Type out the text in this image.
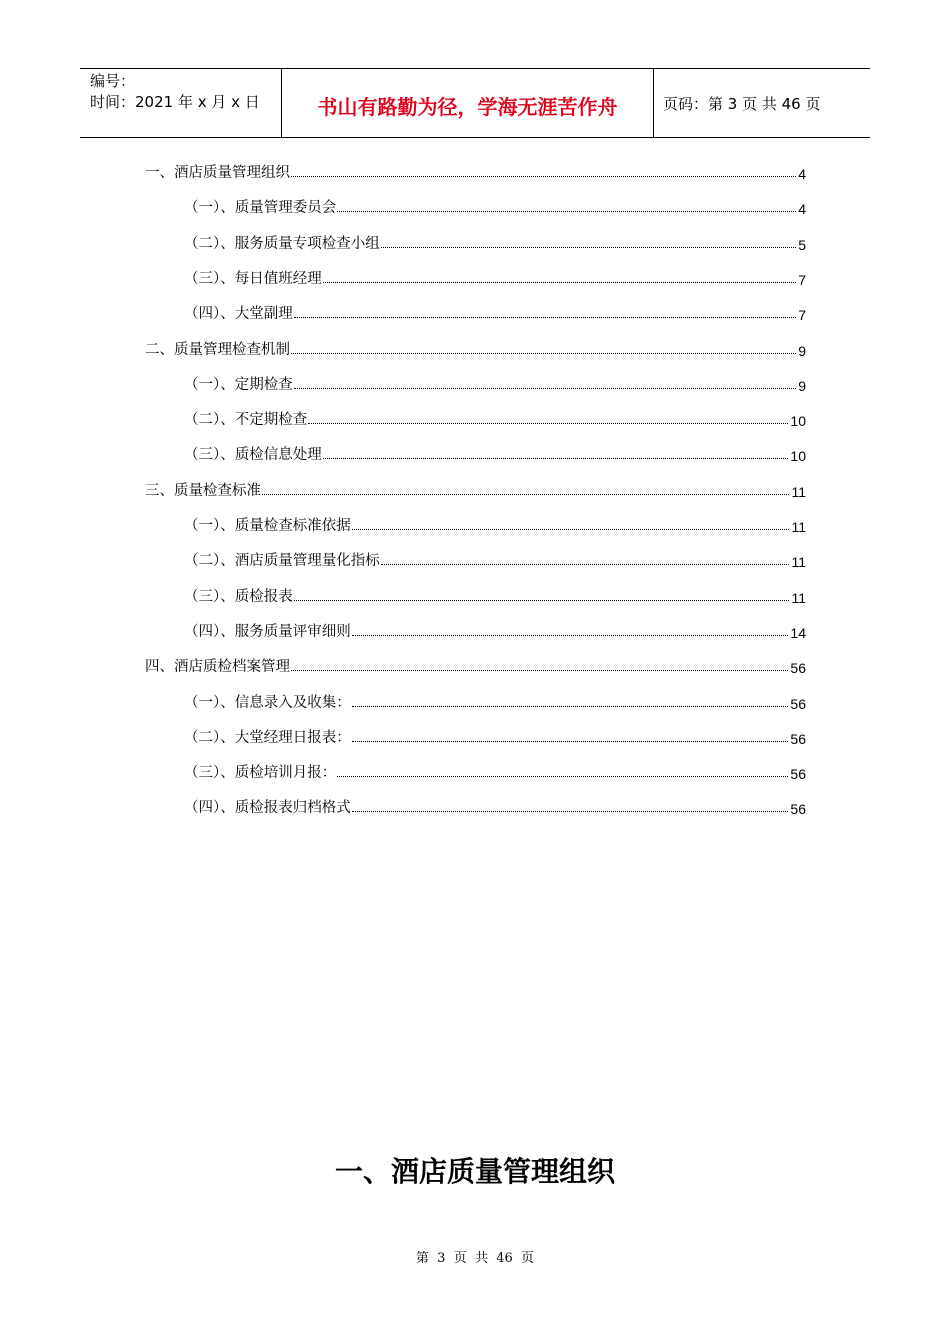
编号：
时间：2021 年 x 月 x 日	书山有路勤为径，学海无涯苦作舟	页码：第 3 页 共 46 页
一、酒店质量管理组织	4
（一）、质量管理委员会	4
（二）、服务质量专项检查小组	5
（三）、每日值班经理	7
（四）、大堂副理	7
二、质量管理检查机制	9
（一）、定期检查	9
（二）、不定期检查	10
（三）、质检信息处理	10
三、质量检查标准	11
（一）、质量检查标准依据	11
（二）、酒店质量管理量化指标	11
（三）、质检报表	11
（四）、服务质量评审细则	14
四、酒店质检档案管理	56
（一）、信息录入及收集：	56
（二）、大堂经理日报表：	56
（三）、质检培训月报：	56
（四）、质检报表归档格式	56
一、酒店质量管理组织
第  3  页  共  46  页
